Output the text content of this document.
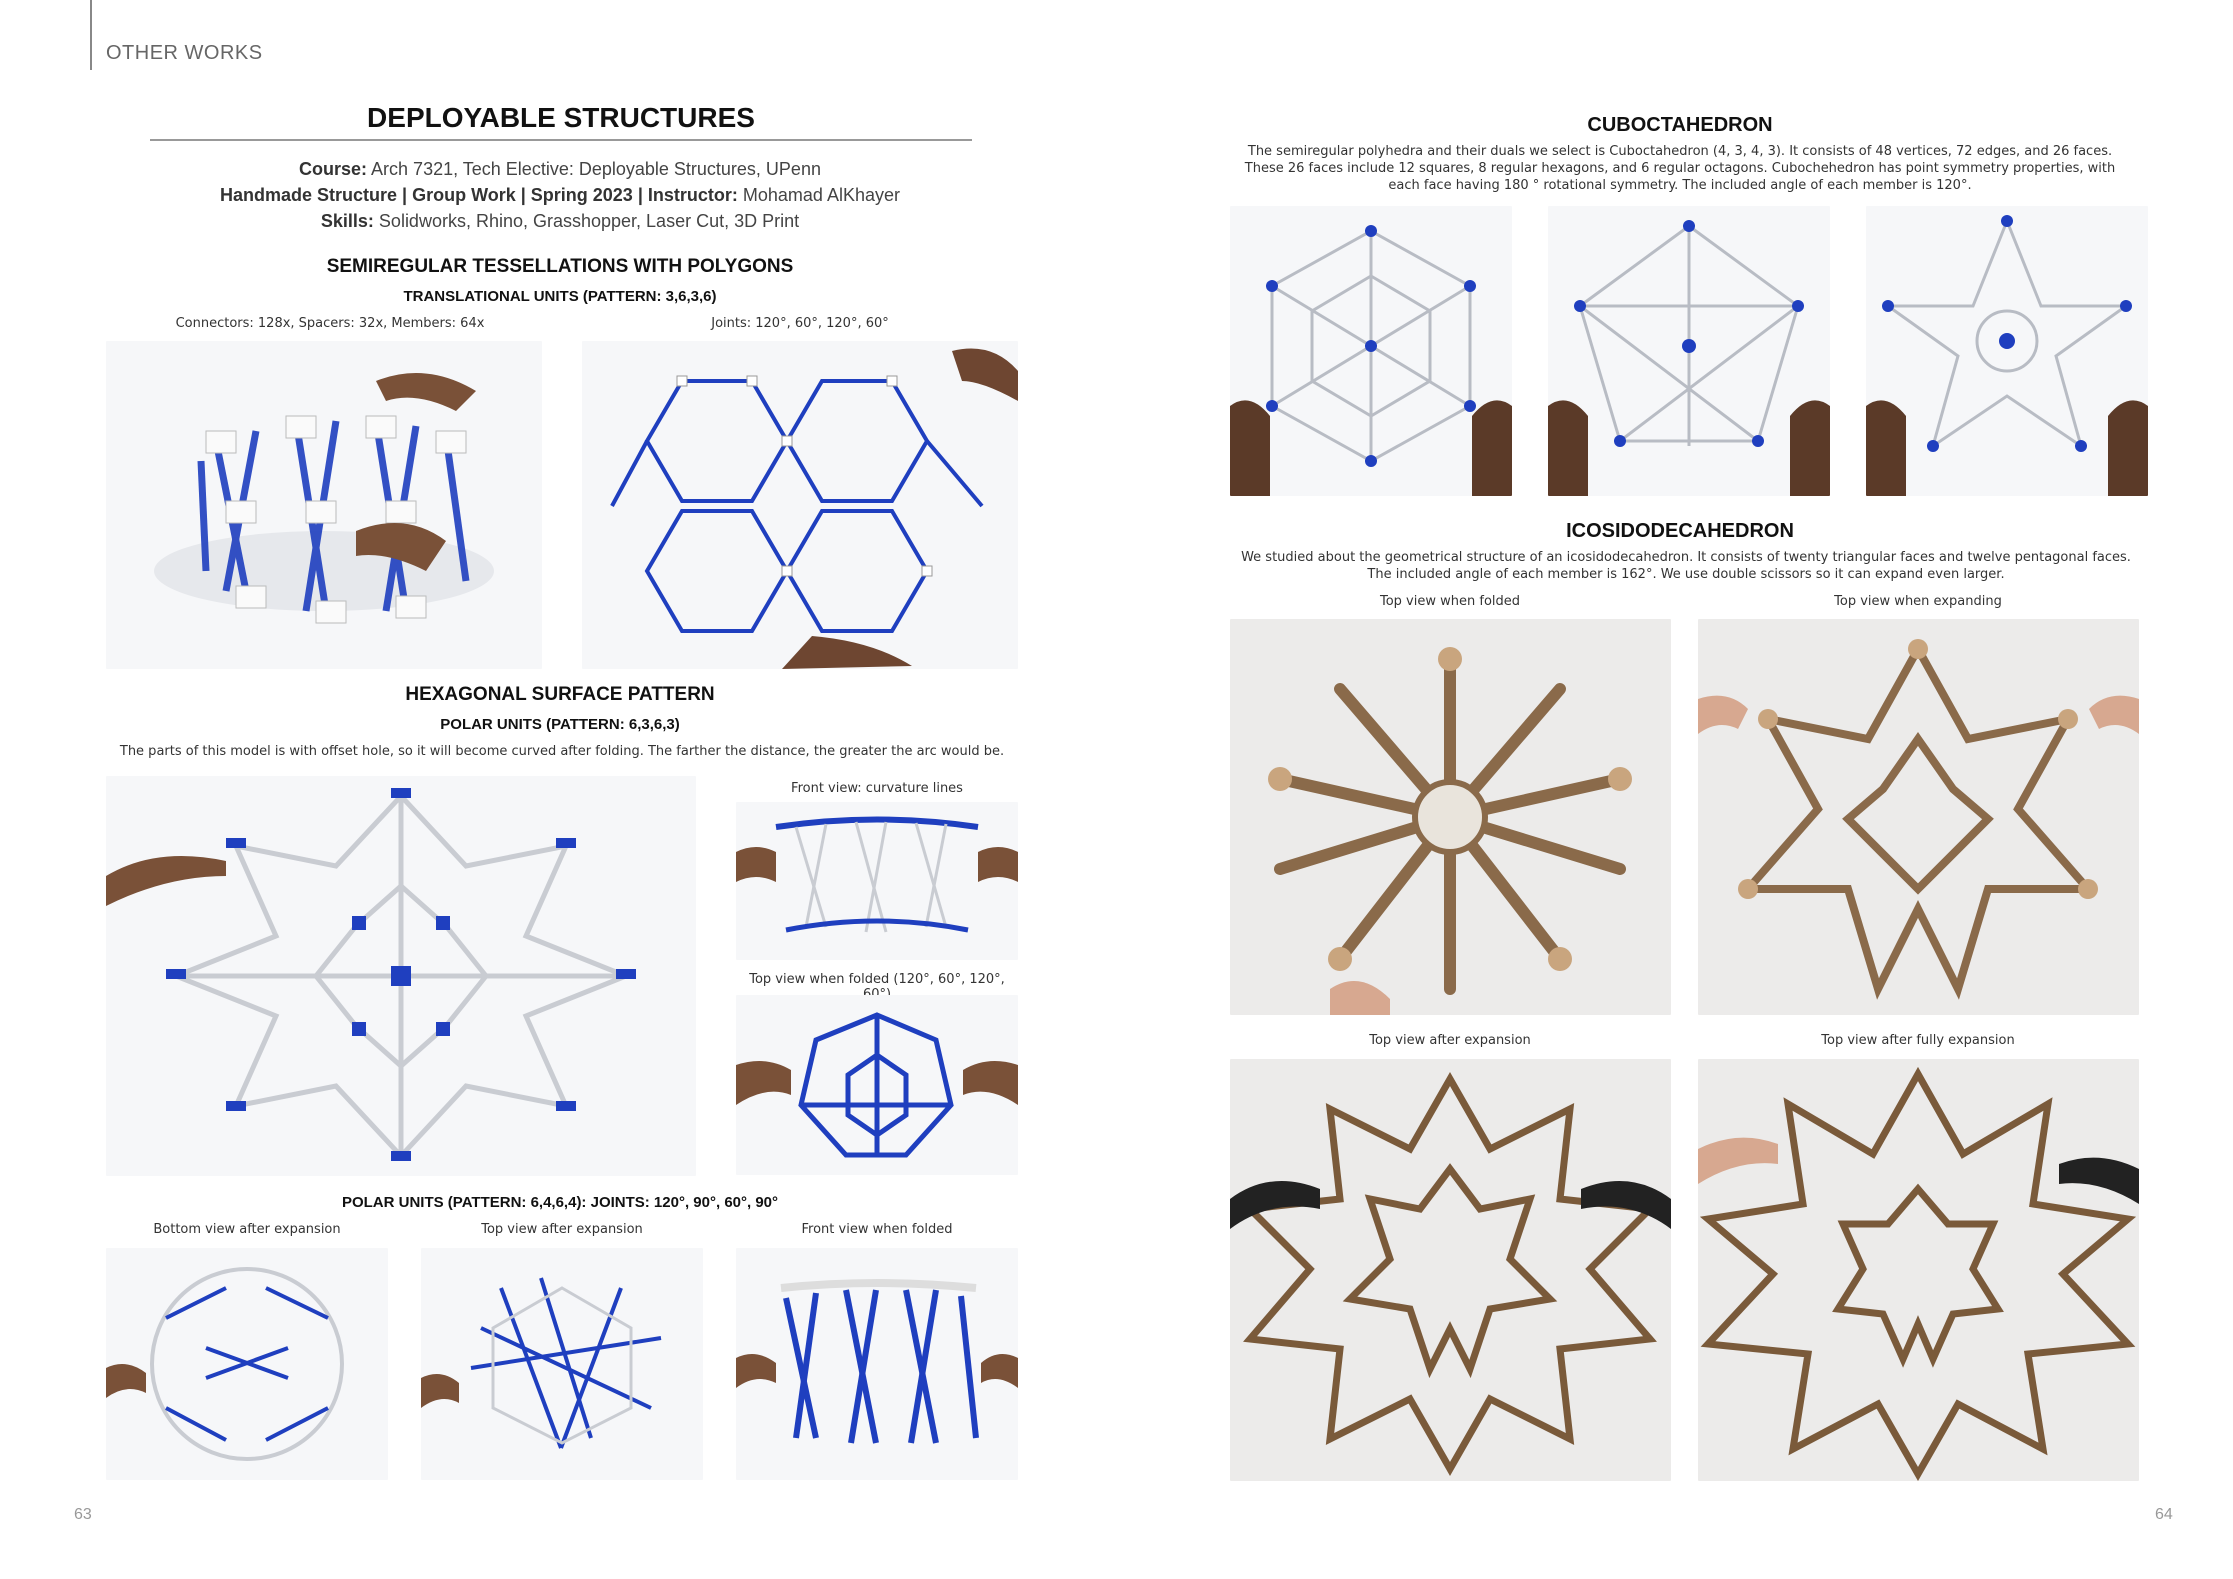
OTHER WORKS
DEPLOYABLE STRUCTURES
Course: Arch 7321, Tech Elective: Deployable Structures, UPenn
Handmade Structure | Group Work | Spring 2023 | Instructor: Mohamad AlKhayer
Skills: Solidworks, Rhino, Grasshopper, Laser Cut, 3D Print
SEMIREGULAR TESSELLATIONS WITH POLYGONS
TRANSLATIONAL UNITS (PATTERN: 3,6,3,6)
Connectors: 128x, Spacers: 32x, Members: 64x	Joints: 120°, 60°, 120°, 60°
HEXAGONAL SURFACE PATTERN
POLAR UNITS (PATTERN: 6,3,6,3)
The parts of this model is with offset hole, so it will become curved after folding. The farther the distance, the greater the arc would be.
Front view: curvature lines
Top view when folded (120°, 60°, 120°,
POLAR UNITS (PATTERN: 6,4,6,4): JOINTS: 120°, 90°, 60°, 90°
Bottom view after expansion	Top view after expansion	Front view when folded
63
CUBOCTAHEDRON
The semiregular polyhedra and their duals we select is Cuboctahedron (4, 3, 4, 3). It consists of 48 vertices, 72 edges, and 26 faces. These 26 faces include 12 squares, 8 regular hexagons, and 6 regular octagons. Cubochehedron has point symmetry properties, with each face having 180 ° rotational symmetry. The included angle of each member is 120°.
ICOSIDODECAHEDRON
We studied about the geometrical structure of an icosidodecahedron. It consists of twenty triangular faces and twelve pentagonal faces. The included angle of each member is 162°. We use double scissors so it can expand even larger.
Top view when folded	Top view when expanding
Top view after expansion	Top view after fully expansion
64
